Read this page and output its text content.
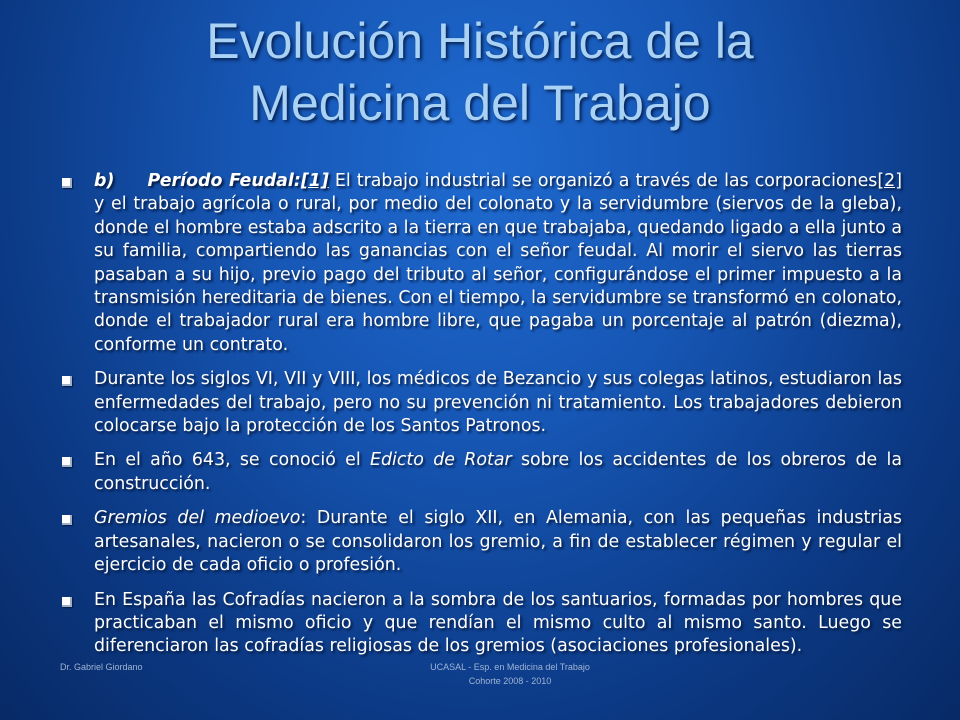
Evolución Histórica de la
Medicina del Trabajo
b) Período Feudal:[1] El trabajo industrial se organizó a través de las corporaciones[2] y el trabajo agrícola o rural, por medio del colonato y la servidumbre (siervos de la gleba), donde el hombre estaba adscrito a la tierra en que trabajaba, quedando ligado a ella junto a su familia, compartiendo las ganancias con el señor feudal. Al morir el siervo las tierras pasaban a su hijo, previo pago del tributo al señor, configurándose el primer impuesto a la transmisión hereditaria de bienes. Con el tiempo, la servidumbre se transformó en colonato, donde el trabajador rural era hombre libre, que pagaba un porcentaje al patrón (diezma), conforme un contrato.
Durante los siglos VI, VII y VIII, los médicos de Bezancio y sus colegas latinos, estudiaron las enfermedades del trabajo, pero no su prevención ni tratamiento. Los trabajadores debieron colocarse bajo la protección de los Santos Patronos.
En el año 643, se conoció el Edicto de Rotar sobre los accidentes de los obreros de la construcción.
Gremios del medioevo: Durante el siglo XII, en Alemania, con las pequeñas industrias artesanales, nacieron o se consolidaron los gremio, a fin de establecer régimen y regular el ejercicio de cada oficio o profesión.
En España las Cofradías nacieron a la sombra de los santuarios, formadas por hombres que practicaban el mismo oficio y que rendían el mismo culto al mismo santo. Luego se diferenciaron las cofradías religiosas de los gremios (asociaciones profesionales).
Dr. Gabriel Giordano	UCASAL - Esp. en Medicina del Trabajo
Cohorte 2008 - 2010
